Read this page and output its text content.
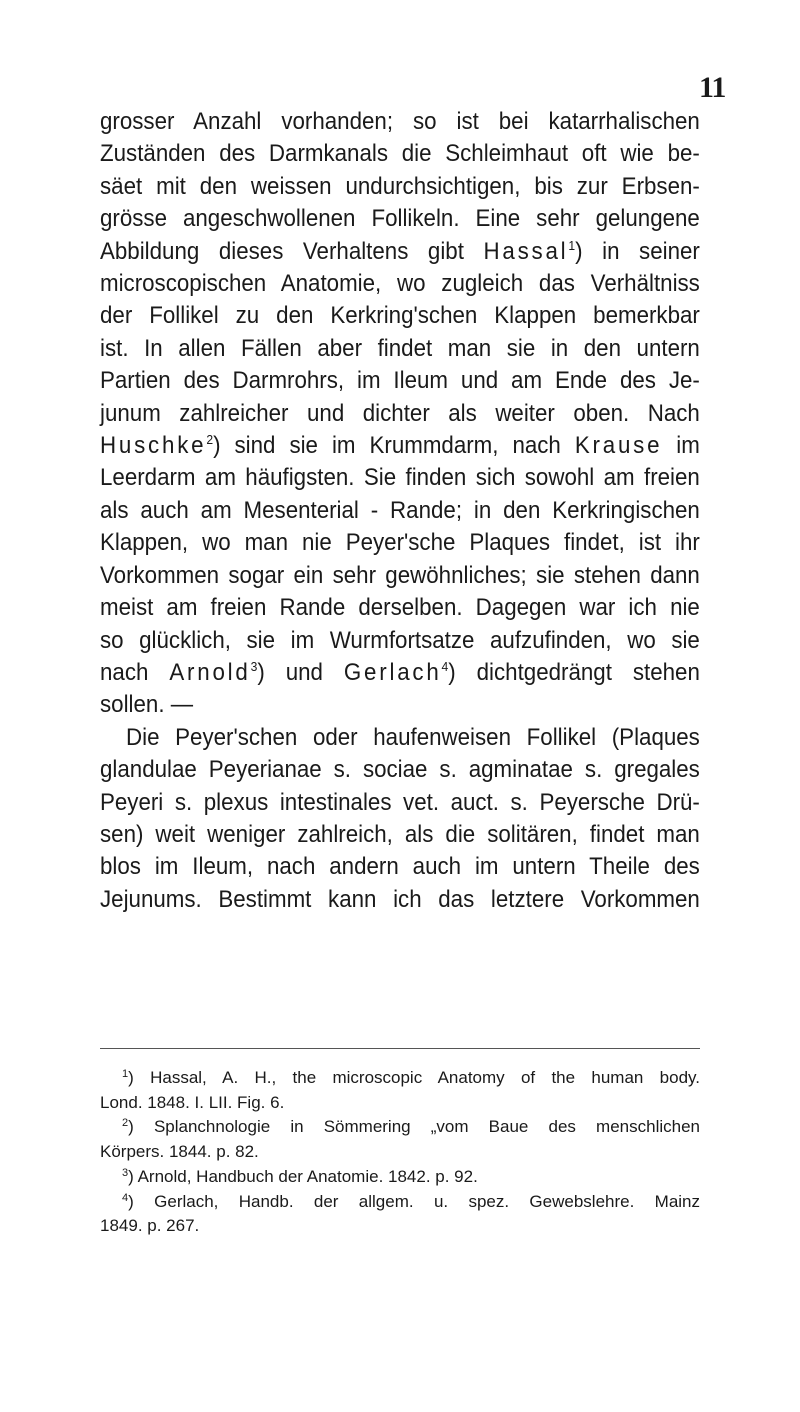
11
grosser Anzahl vorhanden; so ist bei katarrhalischen
Zuständen des Darmkanals die Schleimhaut oft wie be-
säet mit den weissen undurchsichtigen, bis zur Erbsen-
grösse angeschwollenen Follikeln. Eine sehr gelungene
Abbildung dieses Verhaltens gibt Hassal$^1$) in seiner
microscopischen Anatomie, wo zugleich das Verhältniss
der Follikel zu den Kerkring'schen Klappen bemerkbar
ist. In allen Fällen aber findet man sie in den untern
Partien des Darmrohrs, im Ileum und am Ende des Je-
junum zahlreicher und dichter als weiter oben. Nach
Huschke$^2$) sind sie im Krummdarm, nach Krause im
Leerdarm am häufigsten. Sie finden sich sowohl am freien
als auch am Mesenterial - Rande; in den Kerkringischen
Klappen, wo man nie Peyer'sche Plaques findet, ist ihr
Vorkommen sogar ein sehr gewöhnliches; sie stehen dann
meist am freien Rande derselben. Dagegen war ich nie
so glücklich, sie im Wurmfortsatze aufzufinden, wo sie
nach Arnold$^3$) und Gerlach$^4$) dichtgedrängt stehen
sollen. —
Die Peyer'schen oder haufenweisen Follikel (Plaques
glandulae Peyerianae s. sociae s. agminatae s. gregales
Peyeri s. plexus intestinales vet. auct. s. Peyersche Drü-
sen) weit weniger zahlreich, als die solitären, findet man
blos im Ileum, nach andern auch im untern Theile des
Jejunums. Bestimmt kann ich das letztere Vorkommen
$^1$) Hassal, A. H., the microscopic Anatomy of the human body.
Lond. 1848. I. LII. Fig. 6.
$^2$) Splanchnologie in Sömmering „vom Baue des menschlichen
Körpers. 1844. p. 82.
$^3$) Arnold, Handbuch der Anatomie. 1842. p. 92.
$^4$) Gerlach, Handb. der allgem. u. spez. Gewebslehre. Mainz
1849. p. 267.
